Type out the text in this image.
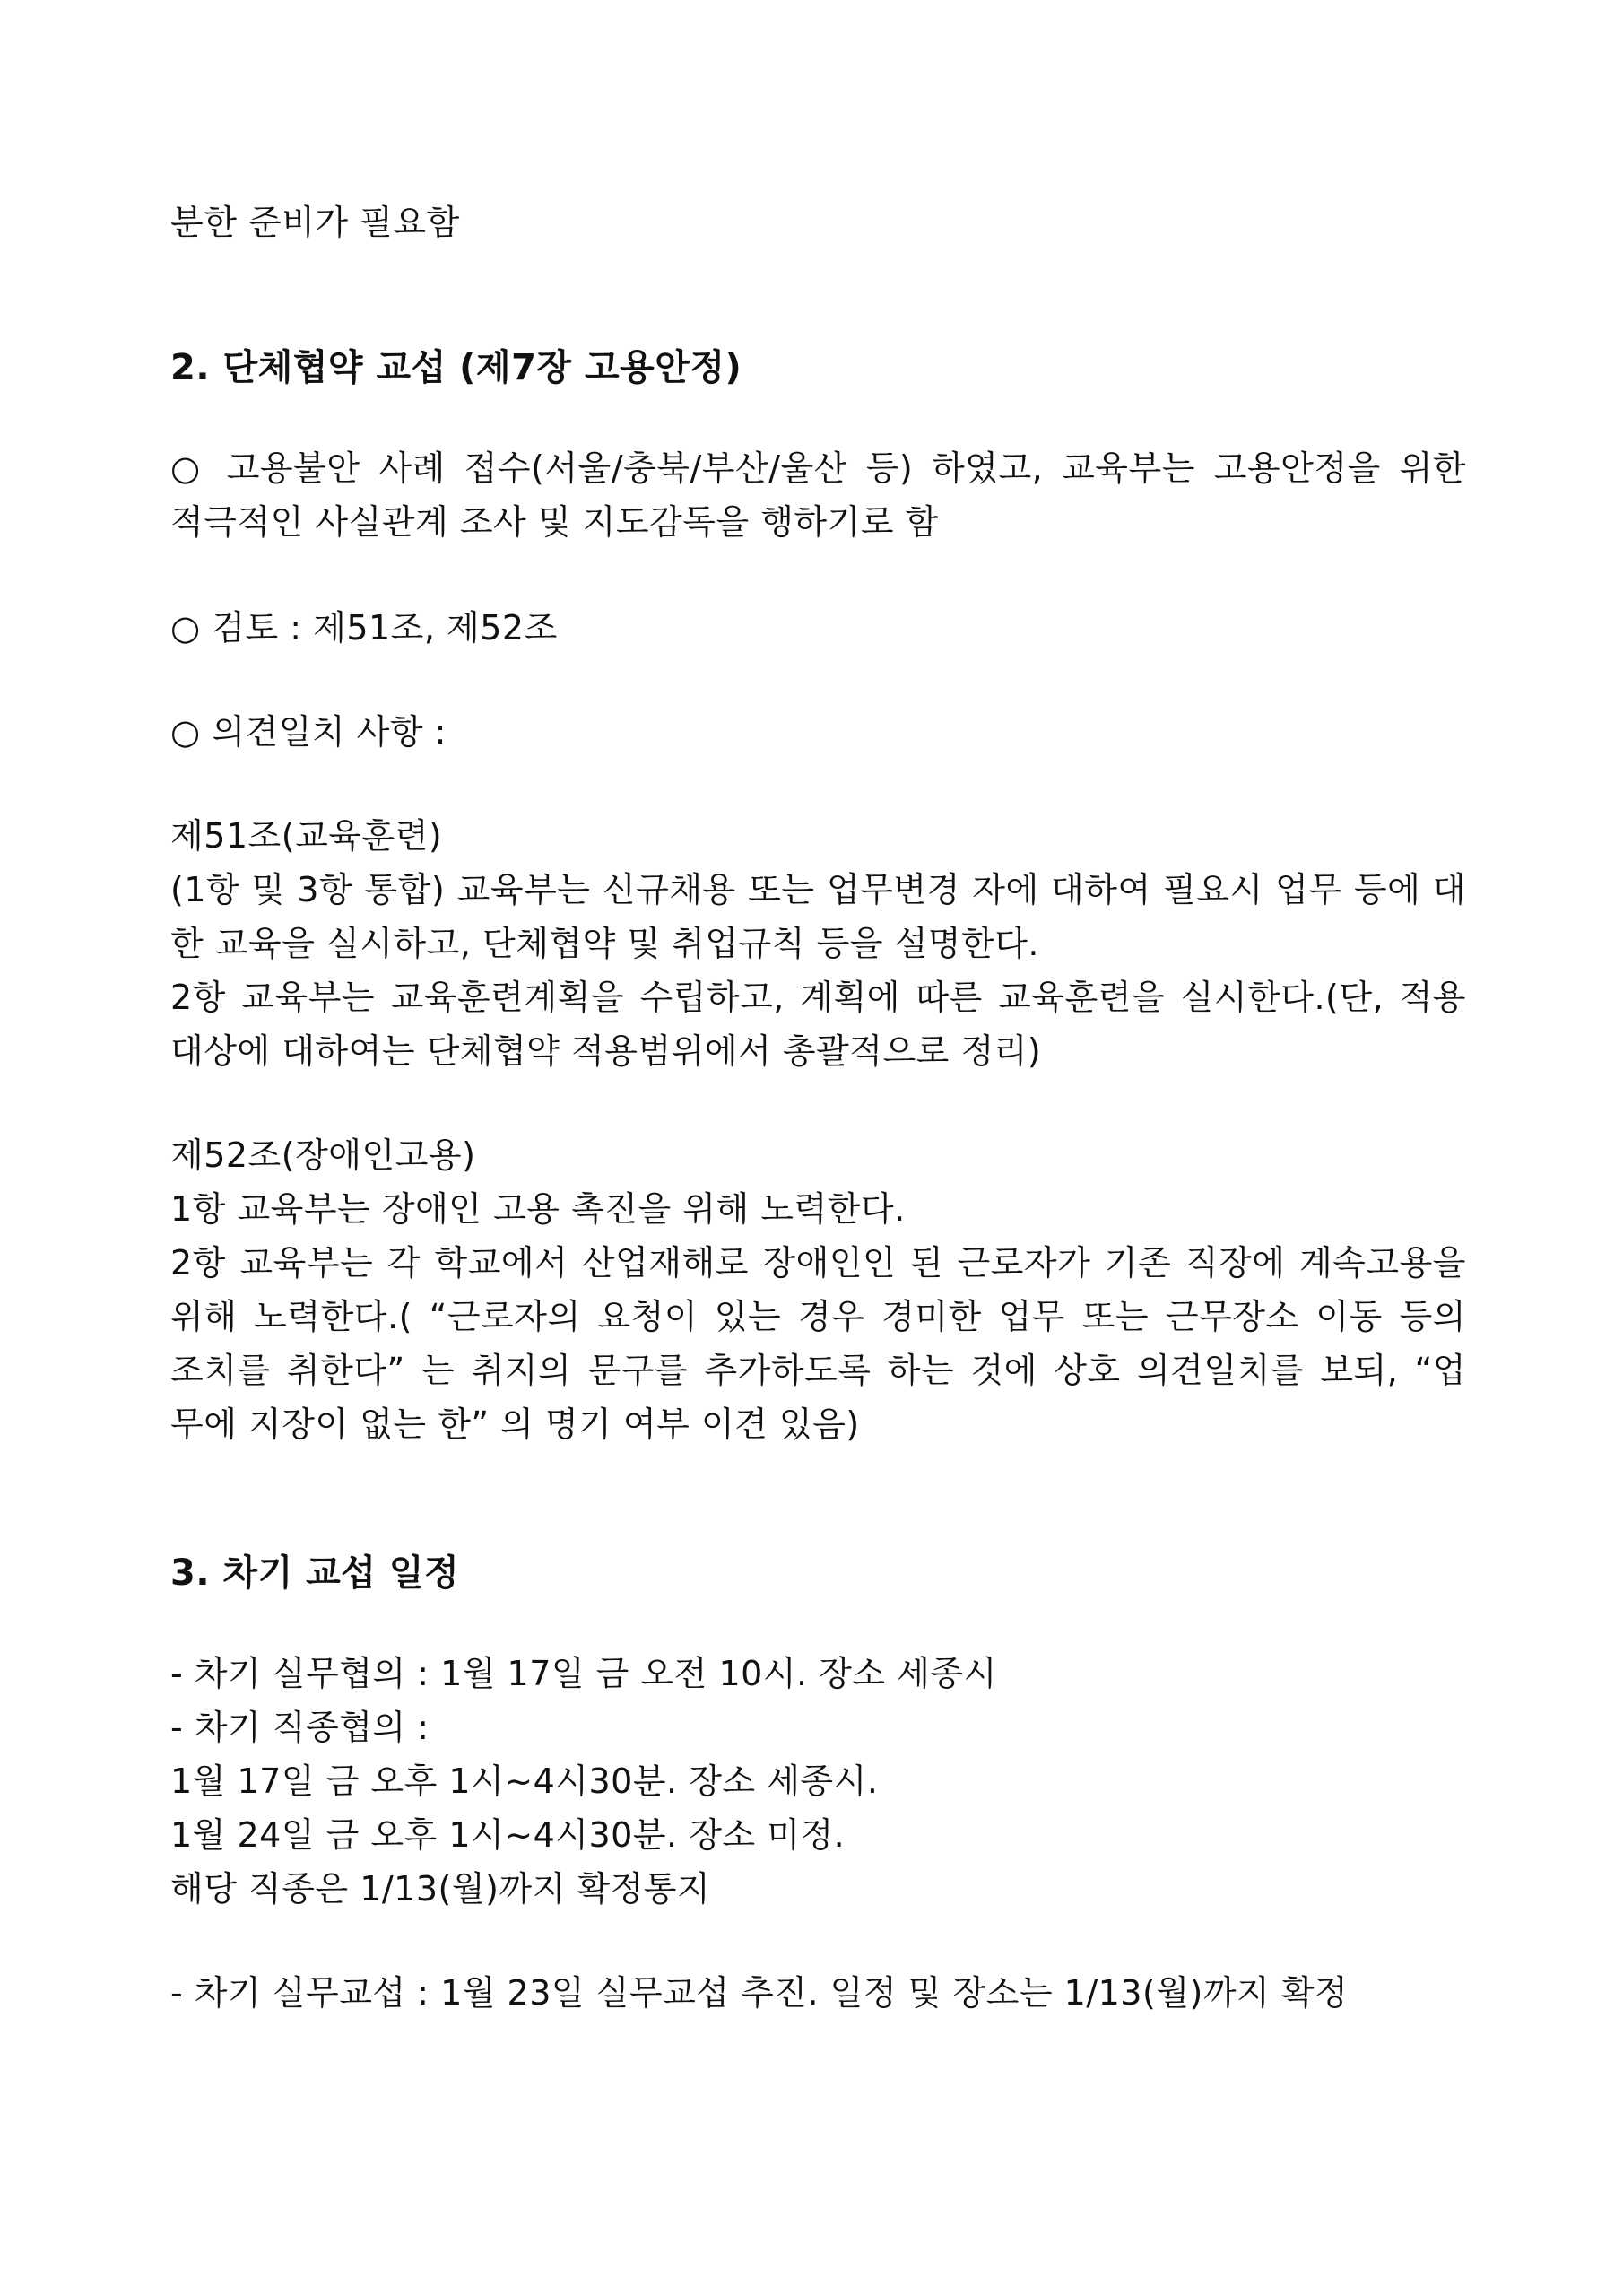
분한 준비가 필요함
2. 단체협약 교섭 (제7장 고용안정)
○ 고용불안 사례 접수(서울/충북/부산/울산 등) 하였고, 교육부는 고용안정을 위한
적극적인 사실관계 조사 및 지도감독을 행하기로 함
○ 검토 : 제51조, 제52조
○ 의견일치 사항 :
제51조(교육훈련)
(1항 및 3항 통합) 교육부는 신규채용 또는 업무변경 자에 대하여 필요시 업무 등에 대
한 교육을 실시하고, 단체협약 및 취업규칙 등을 설명한다.
2항 교육부는 교육훈련계획을 수립하고, 계획에 따른 교육훈련을 실시한다.(단, 적용
대상에 대하여는 단체협약 적용범위에서 총괄적으로 정리)
제52조(장애인고용)
1항 교육부는 장애인 고용 촉진을 위해 노력한다.
2항 교육부는 각 학교에서 산업재해로 장애인인 된 근로자가 기존 직장에 계속고용을
위해 노력한다.( “근로자의 요청이 있는 경우 경미한 업무 또는 근무장소 이동 등의
조치를 취한다” 는 취지의 문구를 추가하도록 하는 것에 상호 의견일치를 보되, “업
무에 지장이 없는 한” 의 명기 여부 이견 있음)
3. 차기 교섭 일정
- 차기 실무협의 : 1월 17일 금 오전 10시. 장소 세종시
- 차기 직종협의 :
1월 17일 금 오후 1시~4시30분. 장소 세종시.
1월 24일 금 오후 1시~4시30분. 장소 미정.
해당 직종은 1/13(월)까지 확정통지
- 차기 실무교섭 : 1월 23일 실무교섭 추진. 일정 및 장소는 1/13(월)까지 확정
